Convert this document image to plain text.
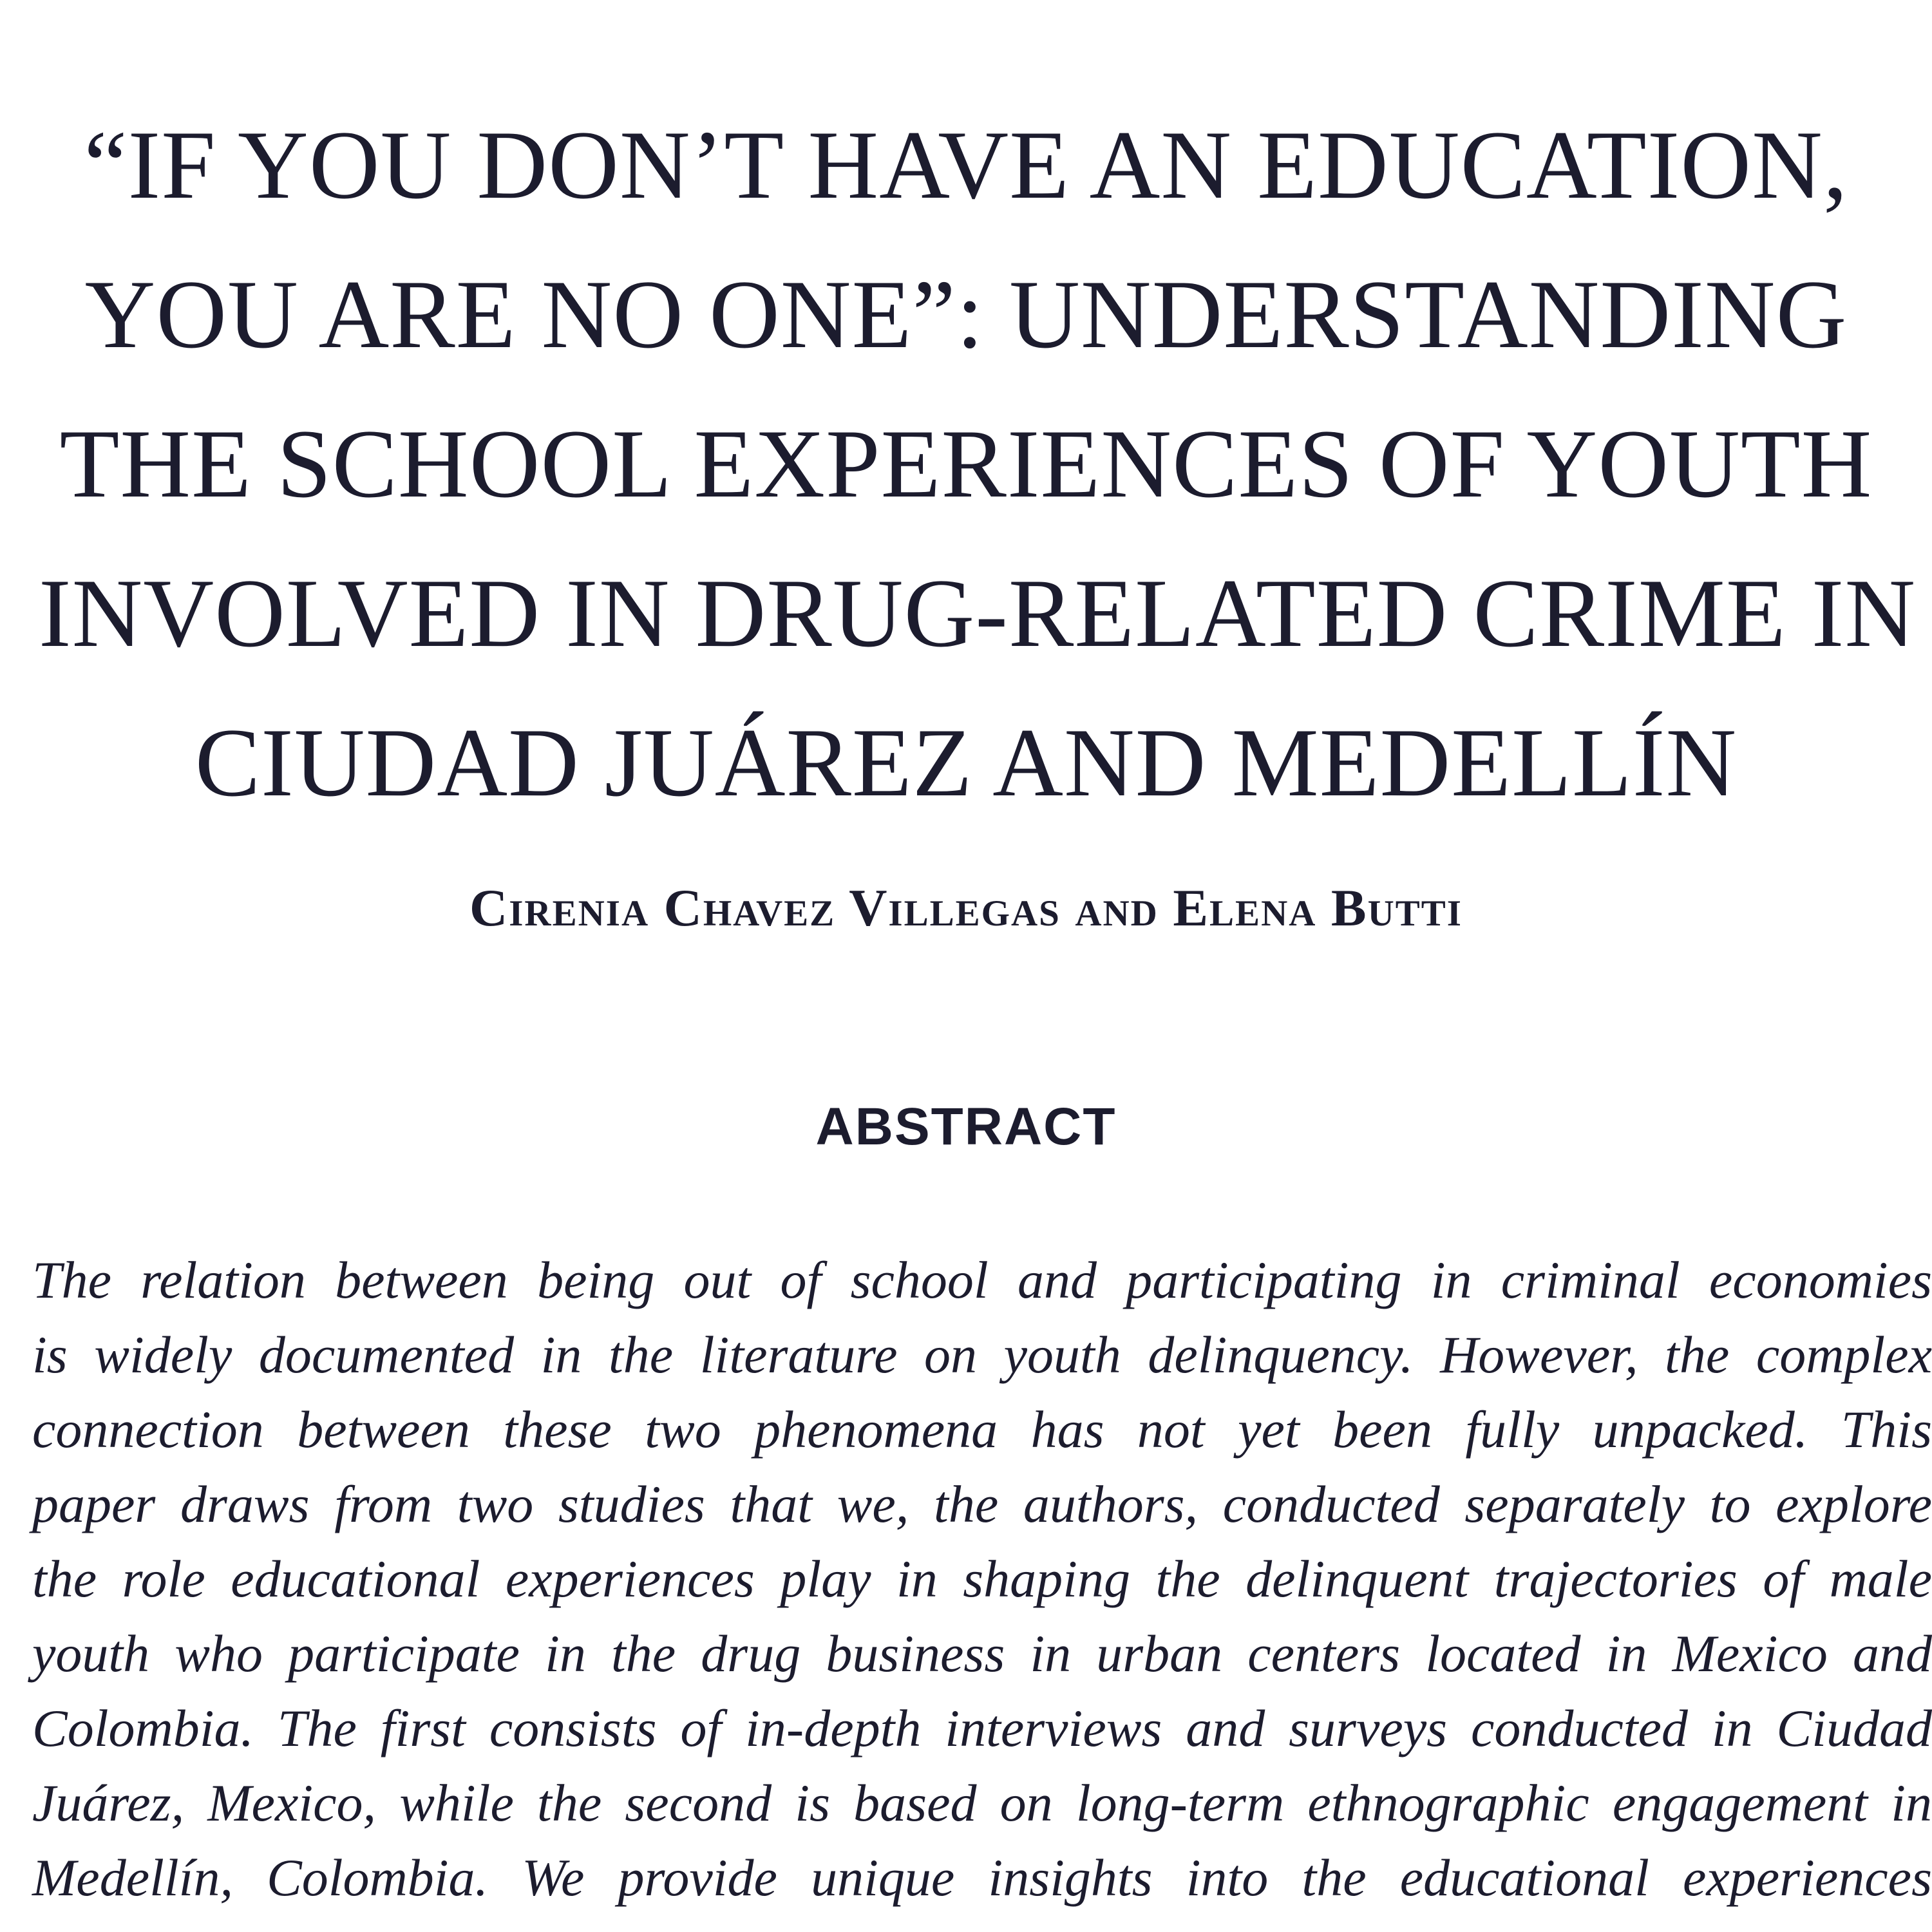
“IF YOU DON’T HAVE AN EDUCATION,
YOU ARE NO ONE”: UNDERSTANDING
THE SCHOOL EXPERIENCES OF YOUTH
INVOLVED IN DRUG-RELATED CRIME IN
CIUDAD JUÁREZ AND MEDELLÍN

Cirenia Chavez Villegas and Elena Butti

ABSTRACT
The relation between being out of school and participating in criminal economies
is widely documented in the literature on youth delinquency. However, the complex
connection between these two phenomena has not yet been fully unpacked. This
paper draws from two studies that we, the authors, conducted separately to explore
the role educational experiences play in shaping the delinquent trajectories of male
youth who participate in the drug business in urban centers located in Mexico and
Colombia. The first consists of in-depth interviews and surveys conducted in Ciudad
Juárez, Mexico, while the second is based on long-term ethnographic engagement in
Medellín, Colombia. We provide unique insights into the educational experiences
